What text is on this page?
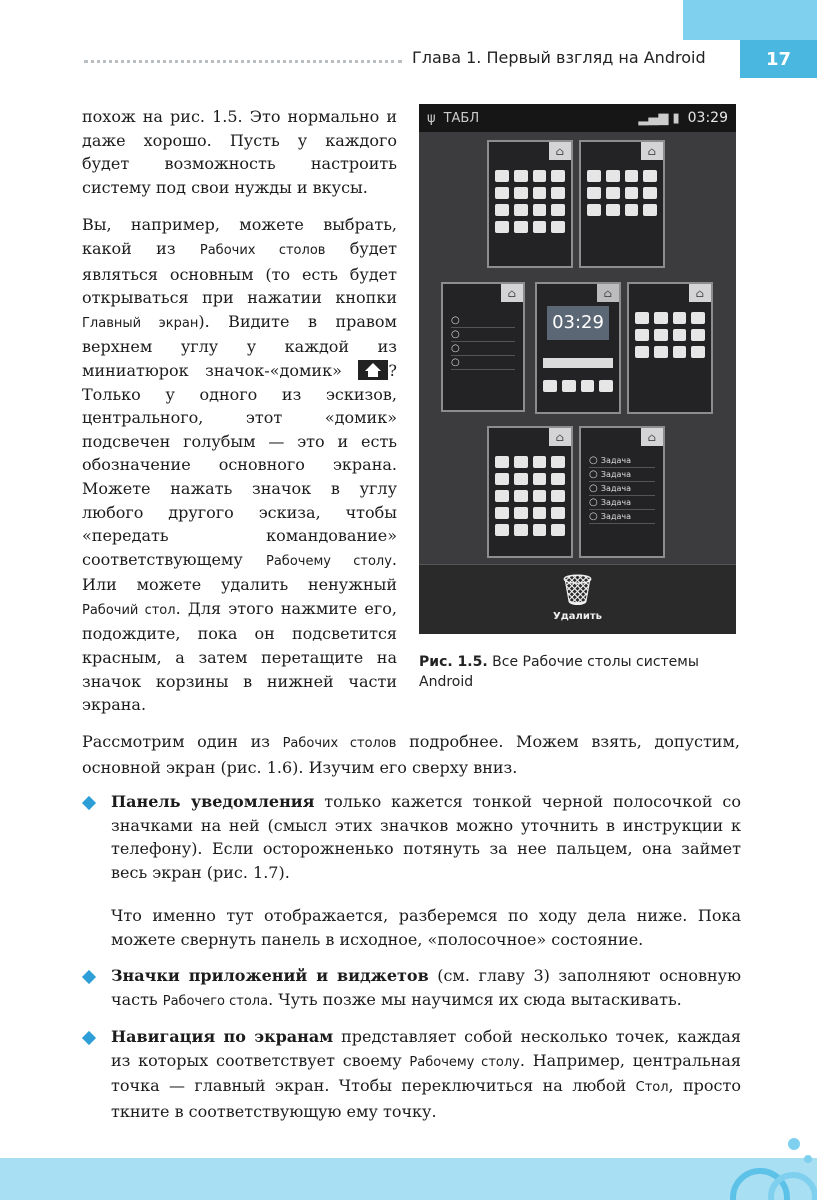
17
Глава 1. Первый взгляд на Android

похож на рис. 1.5. Это нормально и даже хорошо. Пусть у каждого будет возможность настроить систему под свои нужды и вкусы.

Вы, например, можете выбрать, какой из Рабочих столов будет являться основным (то есть будет открываться при нажатии кнопки Главный экран). Видите в правом верхнем углу у каждой из миниатюрок значок-«домик» ? Только у одного из эскизов, центрального, этот «домик» подсвечен голубым — это и есть обозначение основного экрана. Можете нажать значок в углу любого другого эскиза, чтобы «передать командование» соответствующему Рабочему столу. Или можете удалить ненужный Рабочий стол. Для этого нажмите его, подождите, пока он подсветится красным, а затем перетащите на значок корзины в нижней части экрана.

ψ ТАБЛ	▂▄▆ ▮ 03:29
⌂	⌂
⌂
○
○
○
○	⌂
03:29
⌂
⌂	⌂
○ Задача
○ Задача
○ Задача
○ Задача
○ Задача
🗑
Удалить
Рис. 1.5. Все Рабочие столы системы Android

Рассмотрим один из Рабочих столов подробнее. Можем взять, допустим, основной экран (рис. 1.6). Изучим его сверху вниз.

Панель уведомления только кажется тонкой черной полосочкой со значками на ней (смысл этих значков можно уточнить в инструкции к телефону). Если осторожненько потянуть за нее пальцем, она займет весь экран (рис. 1.7).

Что именно тут отображается, разберемся по ходу дела ниже. Пока можете свернуть панель в исходное, «полосочное» состояние.

Значки приложений и виджетов (см. главу 3) заполняют основную часть Рабочего стола. Чуть позже мы научимся их сюда вытаскивать.

Навигация по экранам представляет собой несколько точек, каждая из которых соответствует своему Рабочему столу. Например, центральная точка — главный экран. Чтобы переключиться на любой Стол, просто ткните в соответствующую ему точку.
